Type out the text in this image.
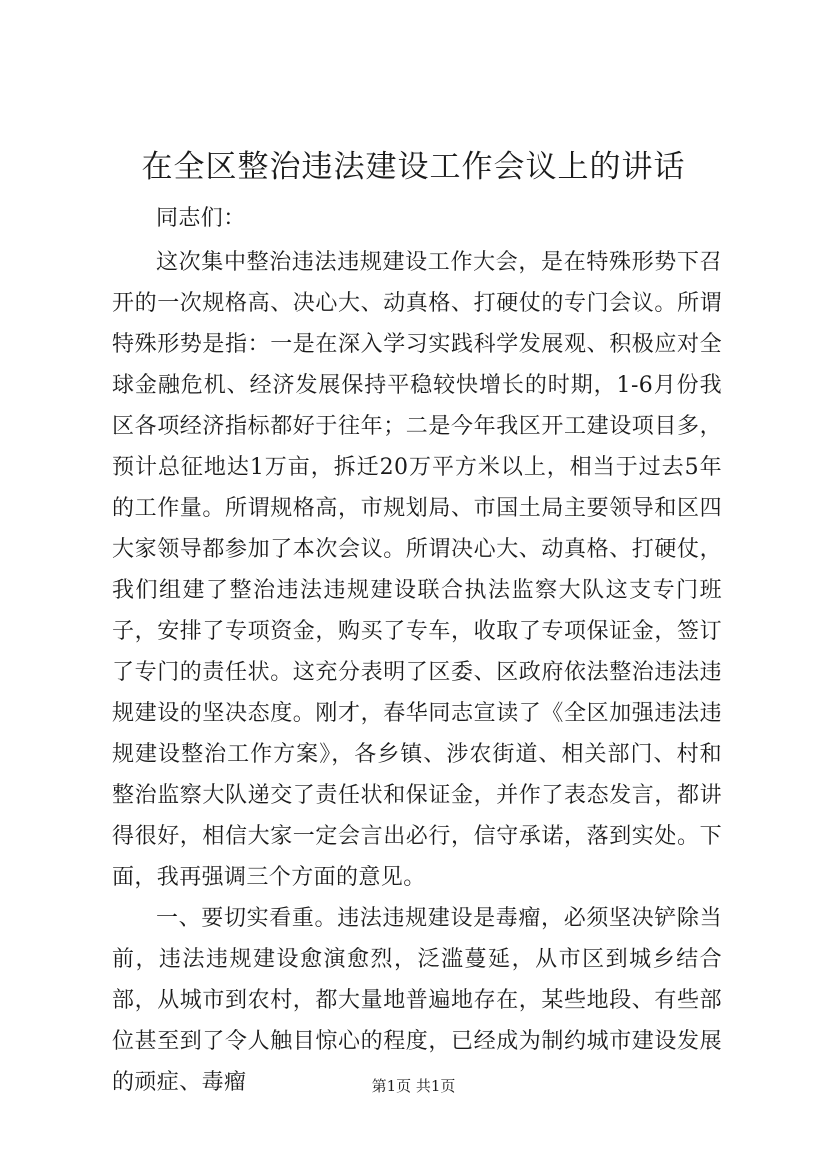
在全区整治违法建设工作会议上的讲话

同志们：

这次集中整治违法违规建设工作大会，是在特殊形势下召开的一次规格高、决心大、动真格、打硬仗的专门会议。所谓特殊形势是指：一是在深入学习实践科学发展观、积极应对全球金融危机、经济发展保持平稳较快增长的时期，1-6月份我区各项经济指标都好于往年；二是今年我区开工建设项目多，预计总征地达1万亩，拆迁20万平方米以上，相当于过去5年的工作量。所谓规格高，市规划局、市国土局主要领导和区四大家领导都参加了本次会议。所谓决心大、动真格、打硬仗，我们组建了整治违法违规建设联合执法监察大队这支专门班子，安排了专项资金，购买了专车，收取了专项保证金，签订了专门的责任状。这充分表明了区委、区政府依法整治违法违规建设的坚决态度。刚才，春华同志宣读了《全区加强违法违规建设整治工作方案》，各乡镇、涉农街道、相关部门、村和整治监察大队递交了责任状和保证金，并作了表态发言，都讲得很好，相信大家一定会言出必行，信守承诺，落到实处。下面，我再强调三个方面的意见。

一、要切实看重。违法违规建设是毒瘤，必须坚决铲除当前，违法违规建设愈演愈烈，泛滥蔓延，从市区到城乡结合部，从城市到农村，都大量地普遍地存在，某些地段、有些部位甚至到了令人触目惊心的程度，已经成为制约城市建设发展的顽症、毒瘤	第1页 共1页
